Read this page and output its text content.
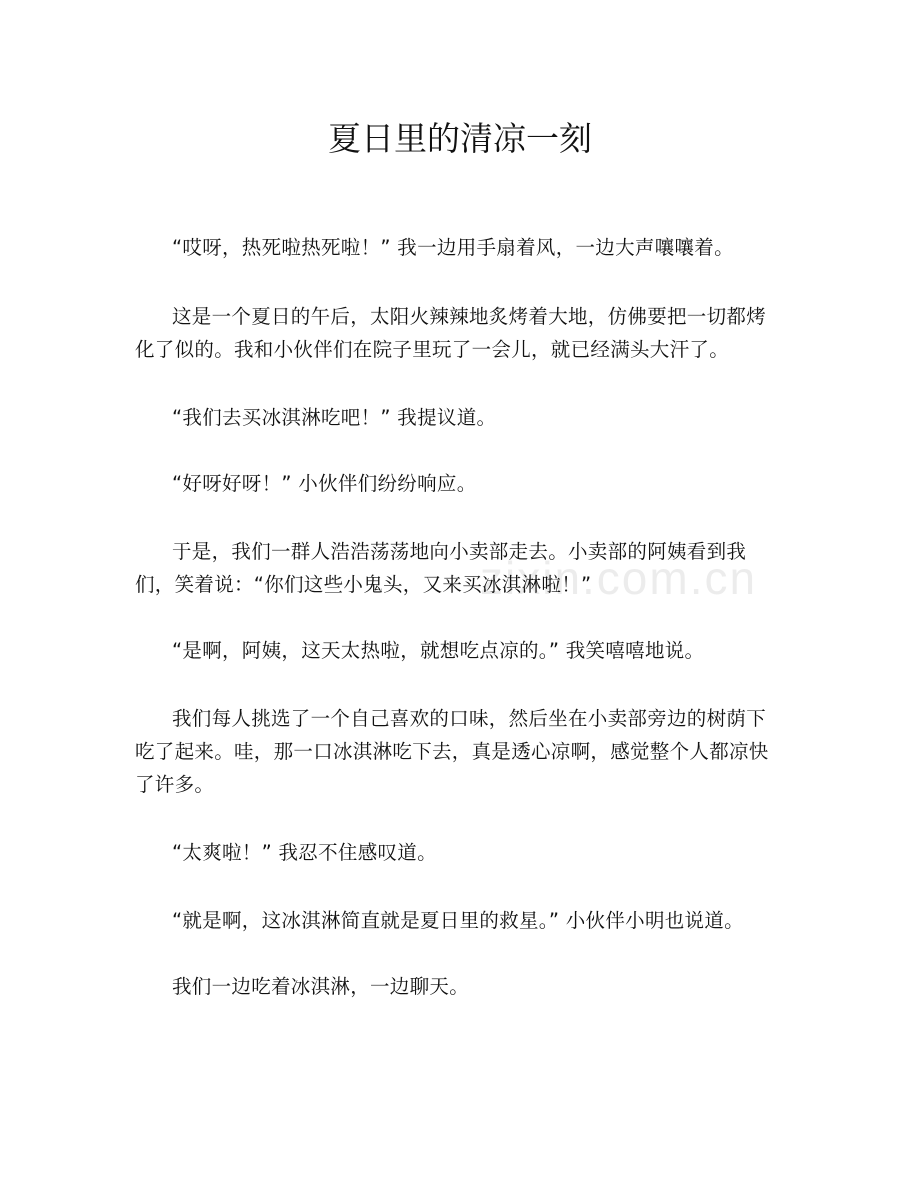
夏日里的清凉一刻

“哎呀，热死啦热死啦！” 我一边用手扇着风，一边大声嚷嚷着。

这是一个夏日的午后，太阳火辣辣地炙烤着大地，仿佛要把一切都烤化了似的。我和小伙伴们在院子里玩了一会儿，就已经满头大汗了。

“我们去买冰淇淋吃吧！” 我提议道。

“好呀好呀！” 小伙伴们纷纷响应。

于是，我们一群人浩浩荡荡地向小卖部走去。小卖部的阿姨看到我们，笑着说：“你们这些小鬼头，又来买冰淇淋啦！”

“是啊，阿姨，这天太热啦，就想吃点凉的。” 我笑嘻嘻地说。

我们每人挑选了一个自己喜欢的口味，然后坐在小卖部旁边的树荫下吃了起来。哇，那一口冰淇淋吃下去，真是透心凉啊，感觉整个人都凉快了许多。

“太爽啦！” 我忍不住感叹道。

“就是啊，这冰淇淋简直就是夏日里的救星。” 小伙伴小明也说道。

我们一边吃着冰淇淋，一边聊天。

zixin.com.cn
